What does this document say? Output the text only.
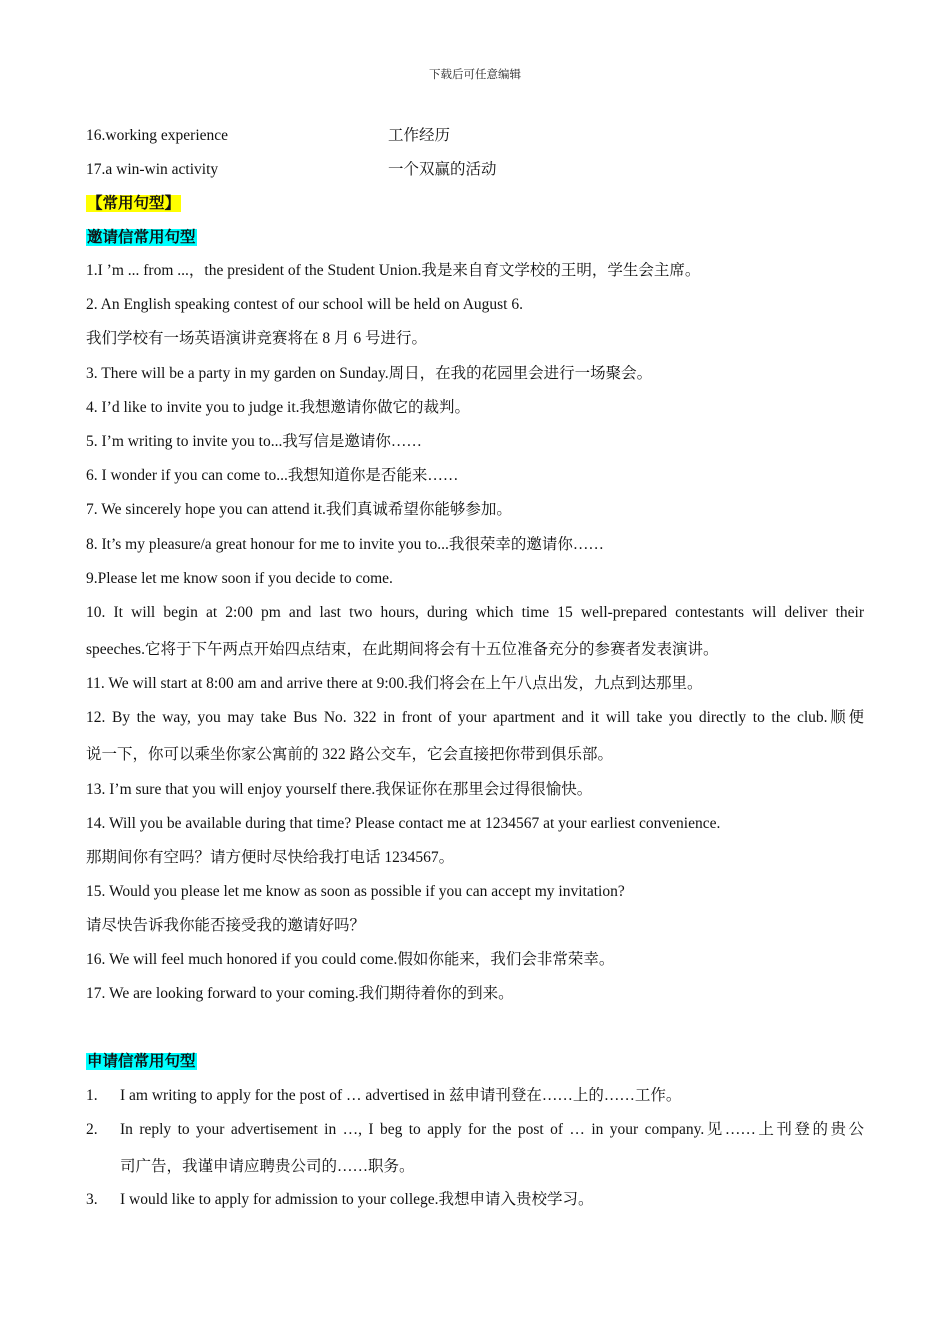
下载后可任意编辑
16.working experience	工作经历
17.a win-win activity	一个双赢的活动
【常用句型】
邀请信常用句型
1.I ’m ... from ...，the president of the Student Union.我是来自育文学校的王明，学生会主席。
2. An English speaking contest of our school will be held on August 6.
我们学校有一场英语演讲竞赛将在 8 月 6 号进行。
3. There will be a party in my garden on Sunday.周日，在我的花园里会进行一场聚会。
4. I’d like to invite you to judge it.我想邀请你做它的裁判。
5. I’m writing to invite you to...我写信是邀请你……
6. I wonder if you can come to...我想知道你是否能来……
7. We sincerely hope you can attend it.我们真诚希望你能够参加。
8. It’s my pleasure/a great honour for me to invite you to...我很荣幸的邀请你……
9.Please let me know soon if you decide to come.
10. It will begin at 2:00 pm and last two hours, during which time 15 well-prepared contestants will deliver their
speeches.它将于下午两点开始四点结束，在此期间将会有十五位准备充分的参赛者发表演讲。
11. We will start at 8:00 am and arrive there at 9:00.我们将会在上午八点出发，九点到达那里。
12. By the way, you may take Bus No. 322 in front of your apartment and it will take you directly to the club.顺便
说一下，你可以乘坐你家公寓前的 322 路公交车，它会直接把你带到俱乐部。
13. I’m sure that you will enjoy yourself there.我保证你在那里会过得很愉快。
14. Will you be available during that time? Please contact me at 1234567 at your earliest convenience.
那期间你有空吗？请方便时尽快给我打电话 1234567。
15. Would you please let me know as soon as possible if you can accept my invitation?
请尽快告诉我你能否接受我的邀请好吗？
16. We will feel much honored if you could come.假如你能来，我们会非常荣幸。
17. We are looking forward to your coming.我们期待着你的到来。
申请信常用句型
1. I am writing to apply for the post of … advertised in 兹申请刊登在……上的……工作。
2. In reply to your advertisement in …, I beg to apply for the post of … in your company.见……上刊登的贵公
司广告，我谨申请应聘贵公司的……职务。
3. I would like to apply for admission to your college.我想申请入贵校学习。
